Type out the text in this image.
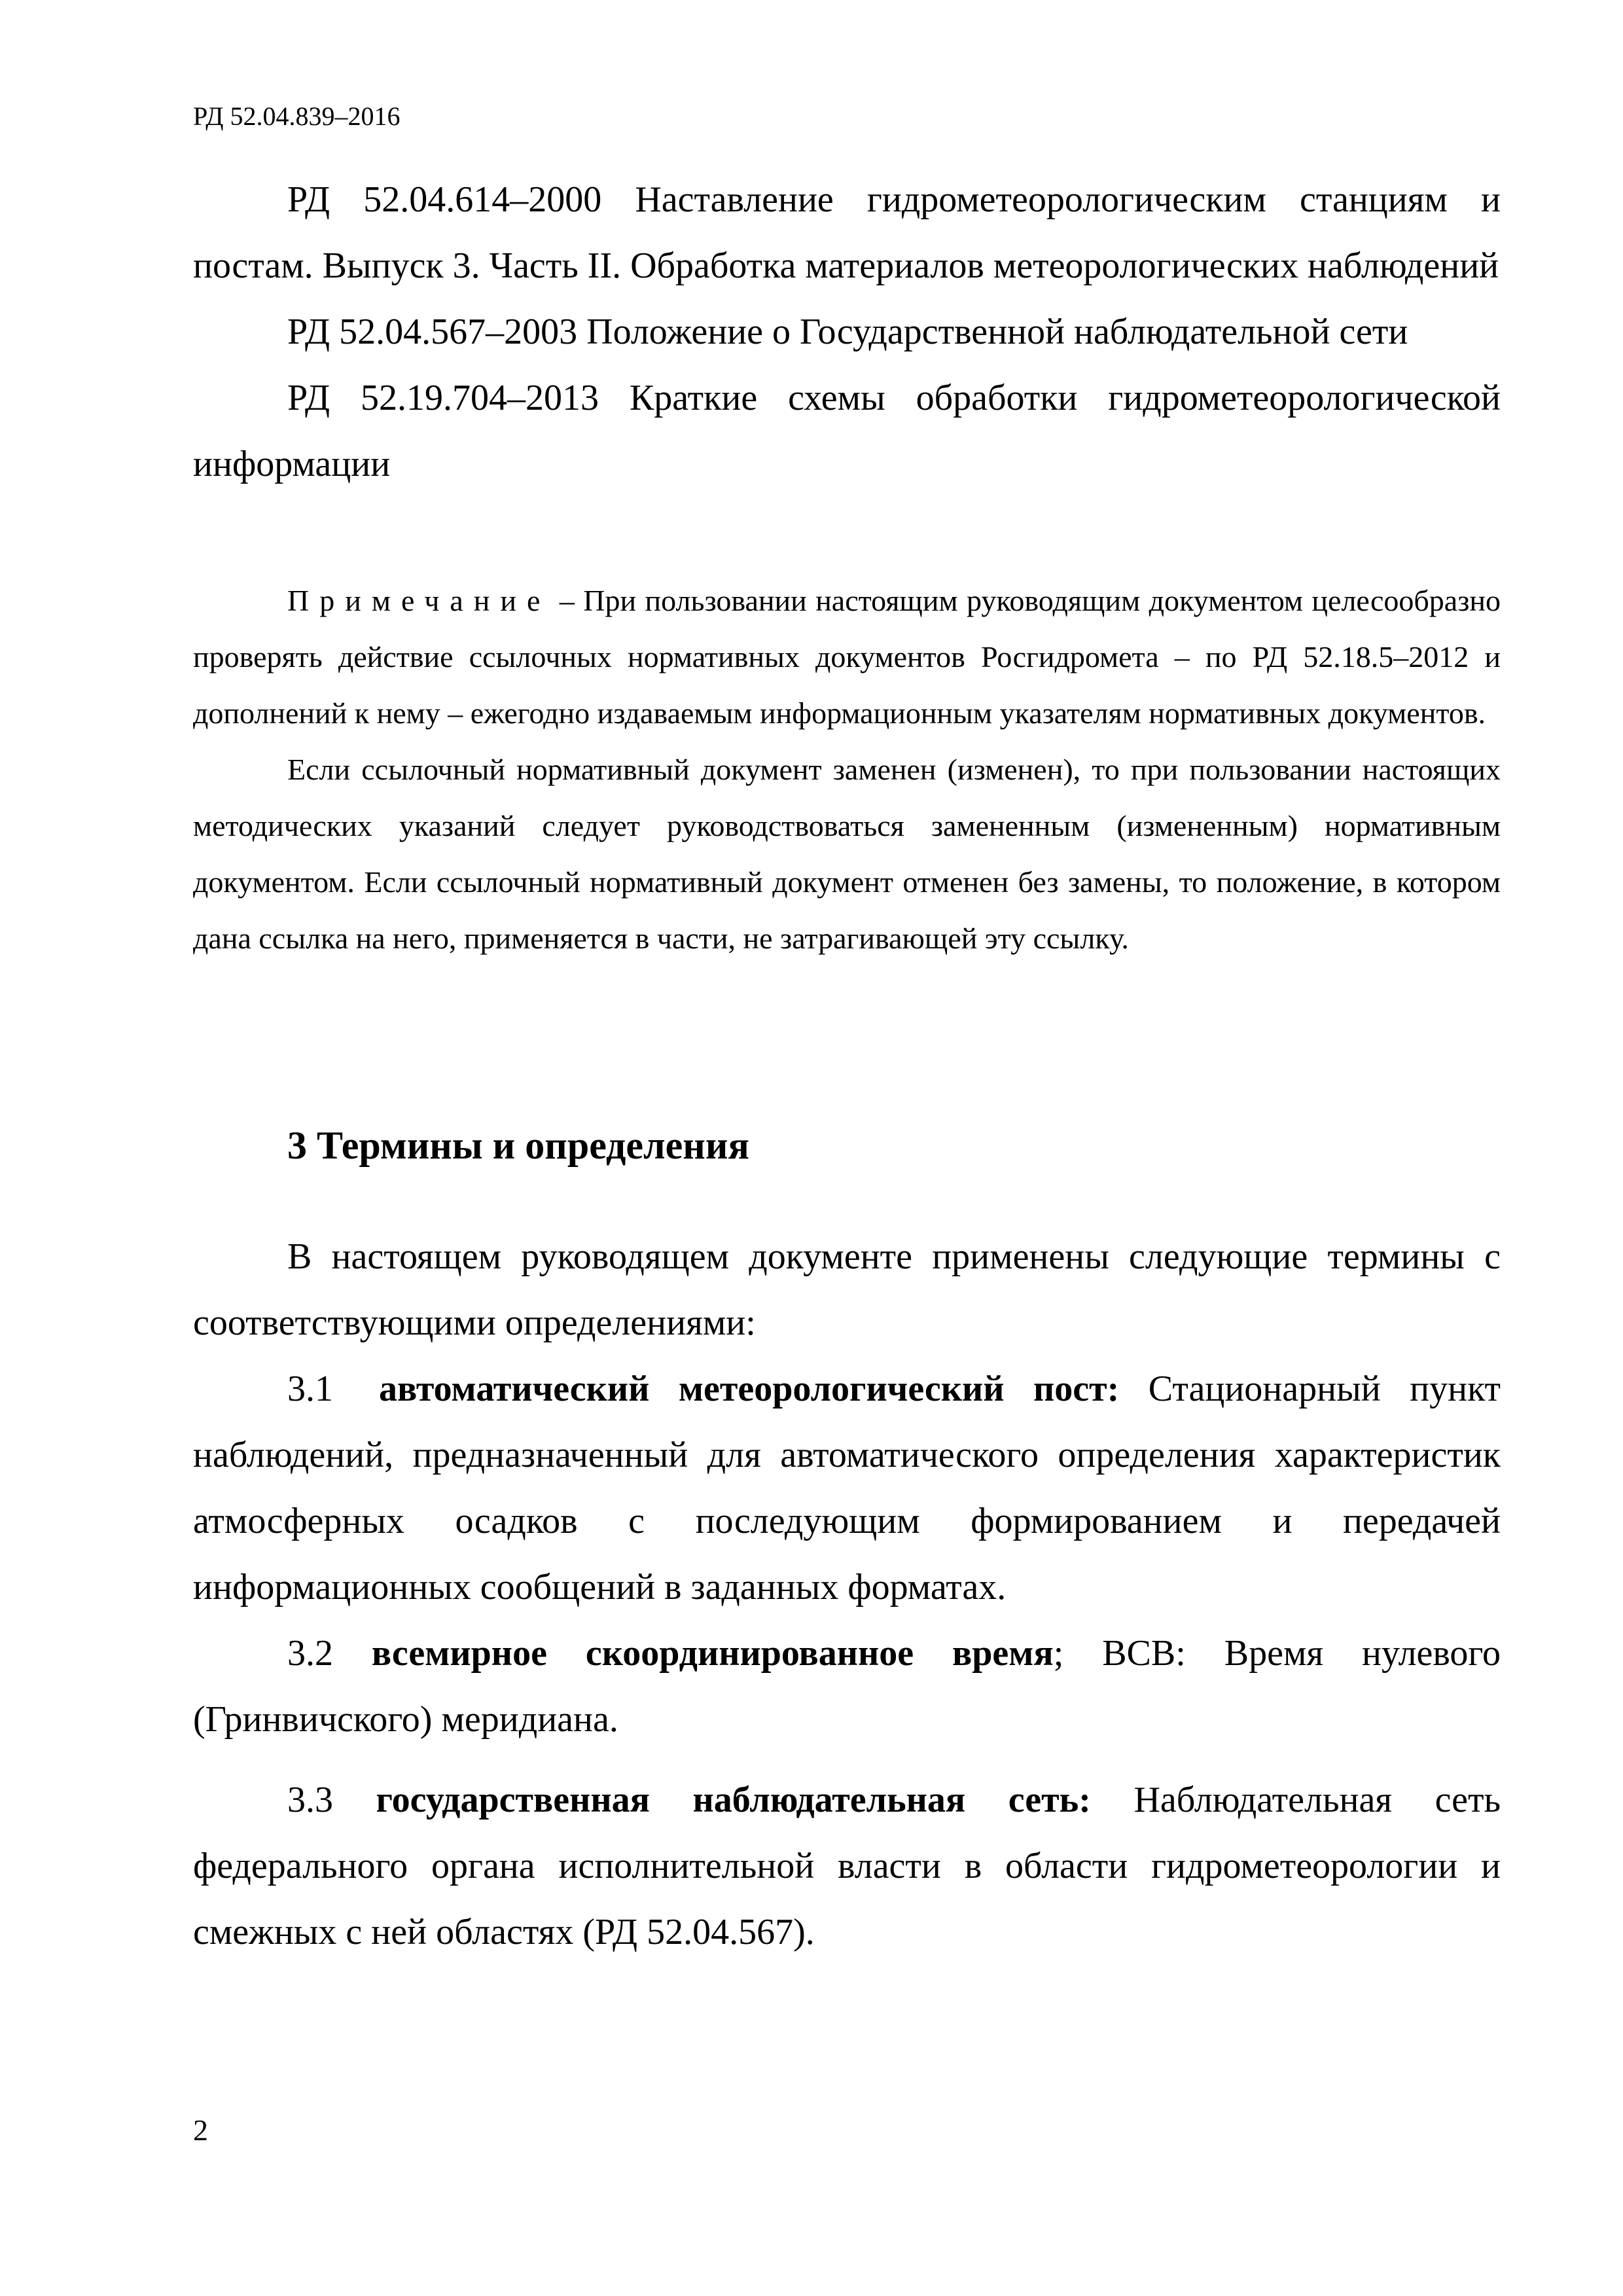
РД 52.04.839–2016

РД 52.04.614–2000 Наставление гидрометеорологическим станциям и постам. Выпуск 3. Часть II. Обработка материалов метеорологических наблюдений

РД 52.04.567–2003 Положение о Государственной наблюдательной сети

РД 52.19.704–2013 Краткие схемы обработки гидрометеорологической информации

Примечание – При пользовании настоящим руководящим документом целесообразно проверять действие ссылочных нормативных документов Росгидромета – по РД 52.18.5–2012 и дополнений к нему – ежегодно издаваемым информационным указателям нормативных документов.

Если ссылочный нормативный документ заменен (изменен), то при пользовании настоящих методических указаний следует руководствоваться замененным (измененным) нормативным документом. Если ссылочный нормативный документ отменен без замены, то положение, в котором дана ссылка на него, применяется в части, не затрагивающей эту ссылку.

3 Термины и определения

В настоящем руководящем документе применены следующие термины с соответствующими определениями:

3.1 автоматический метеорологический пост: Стационарный пункт наблюдений, предназначенный для автоматического определения характеристик атмосферных осадков с последующим формированием и передачей информационных сообщений в заданных форматах.

3.2 всемирное скоординированное время; ВСВ: Время нулевого (Гринвичского) меридиана.

3.3 государственная наблюдательная сеть: Наблюдательная сеть федерального органа исполнительной власти в области гидрометеорологии и смежных с ней областях (РД 52.04.567).

2
